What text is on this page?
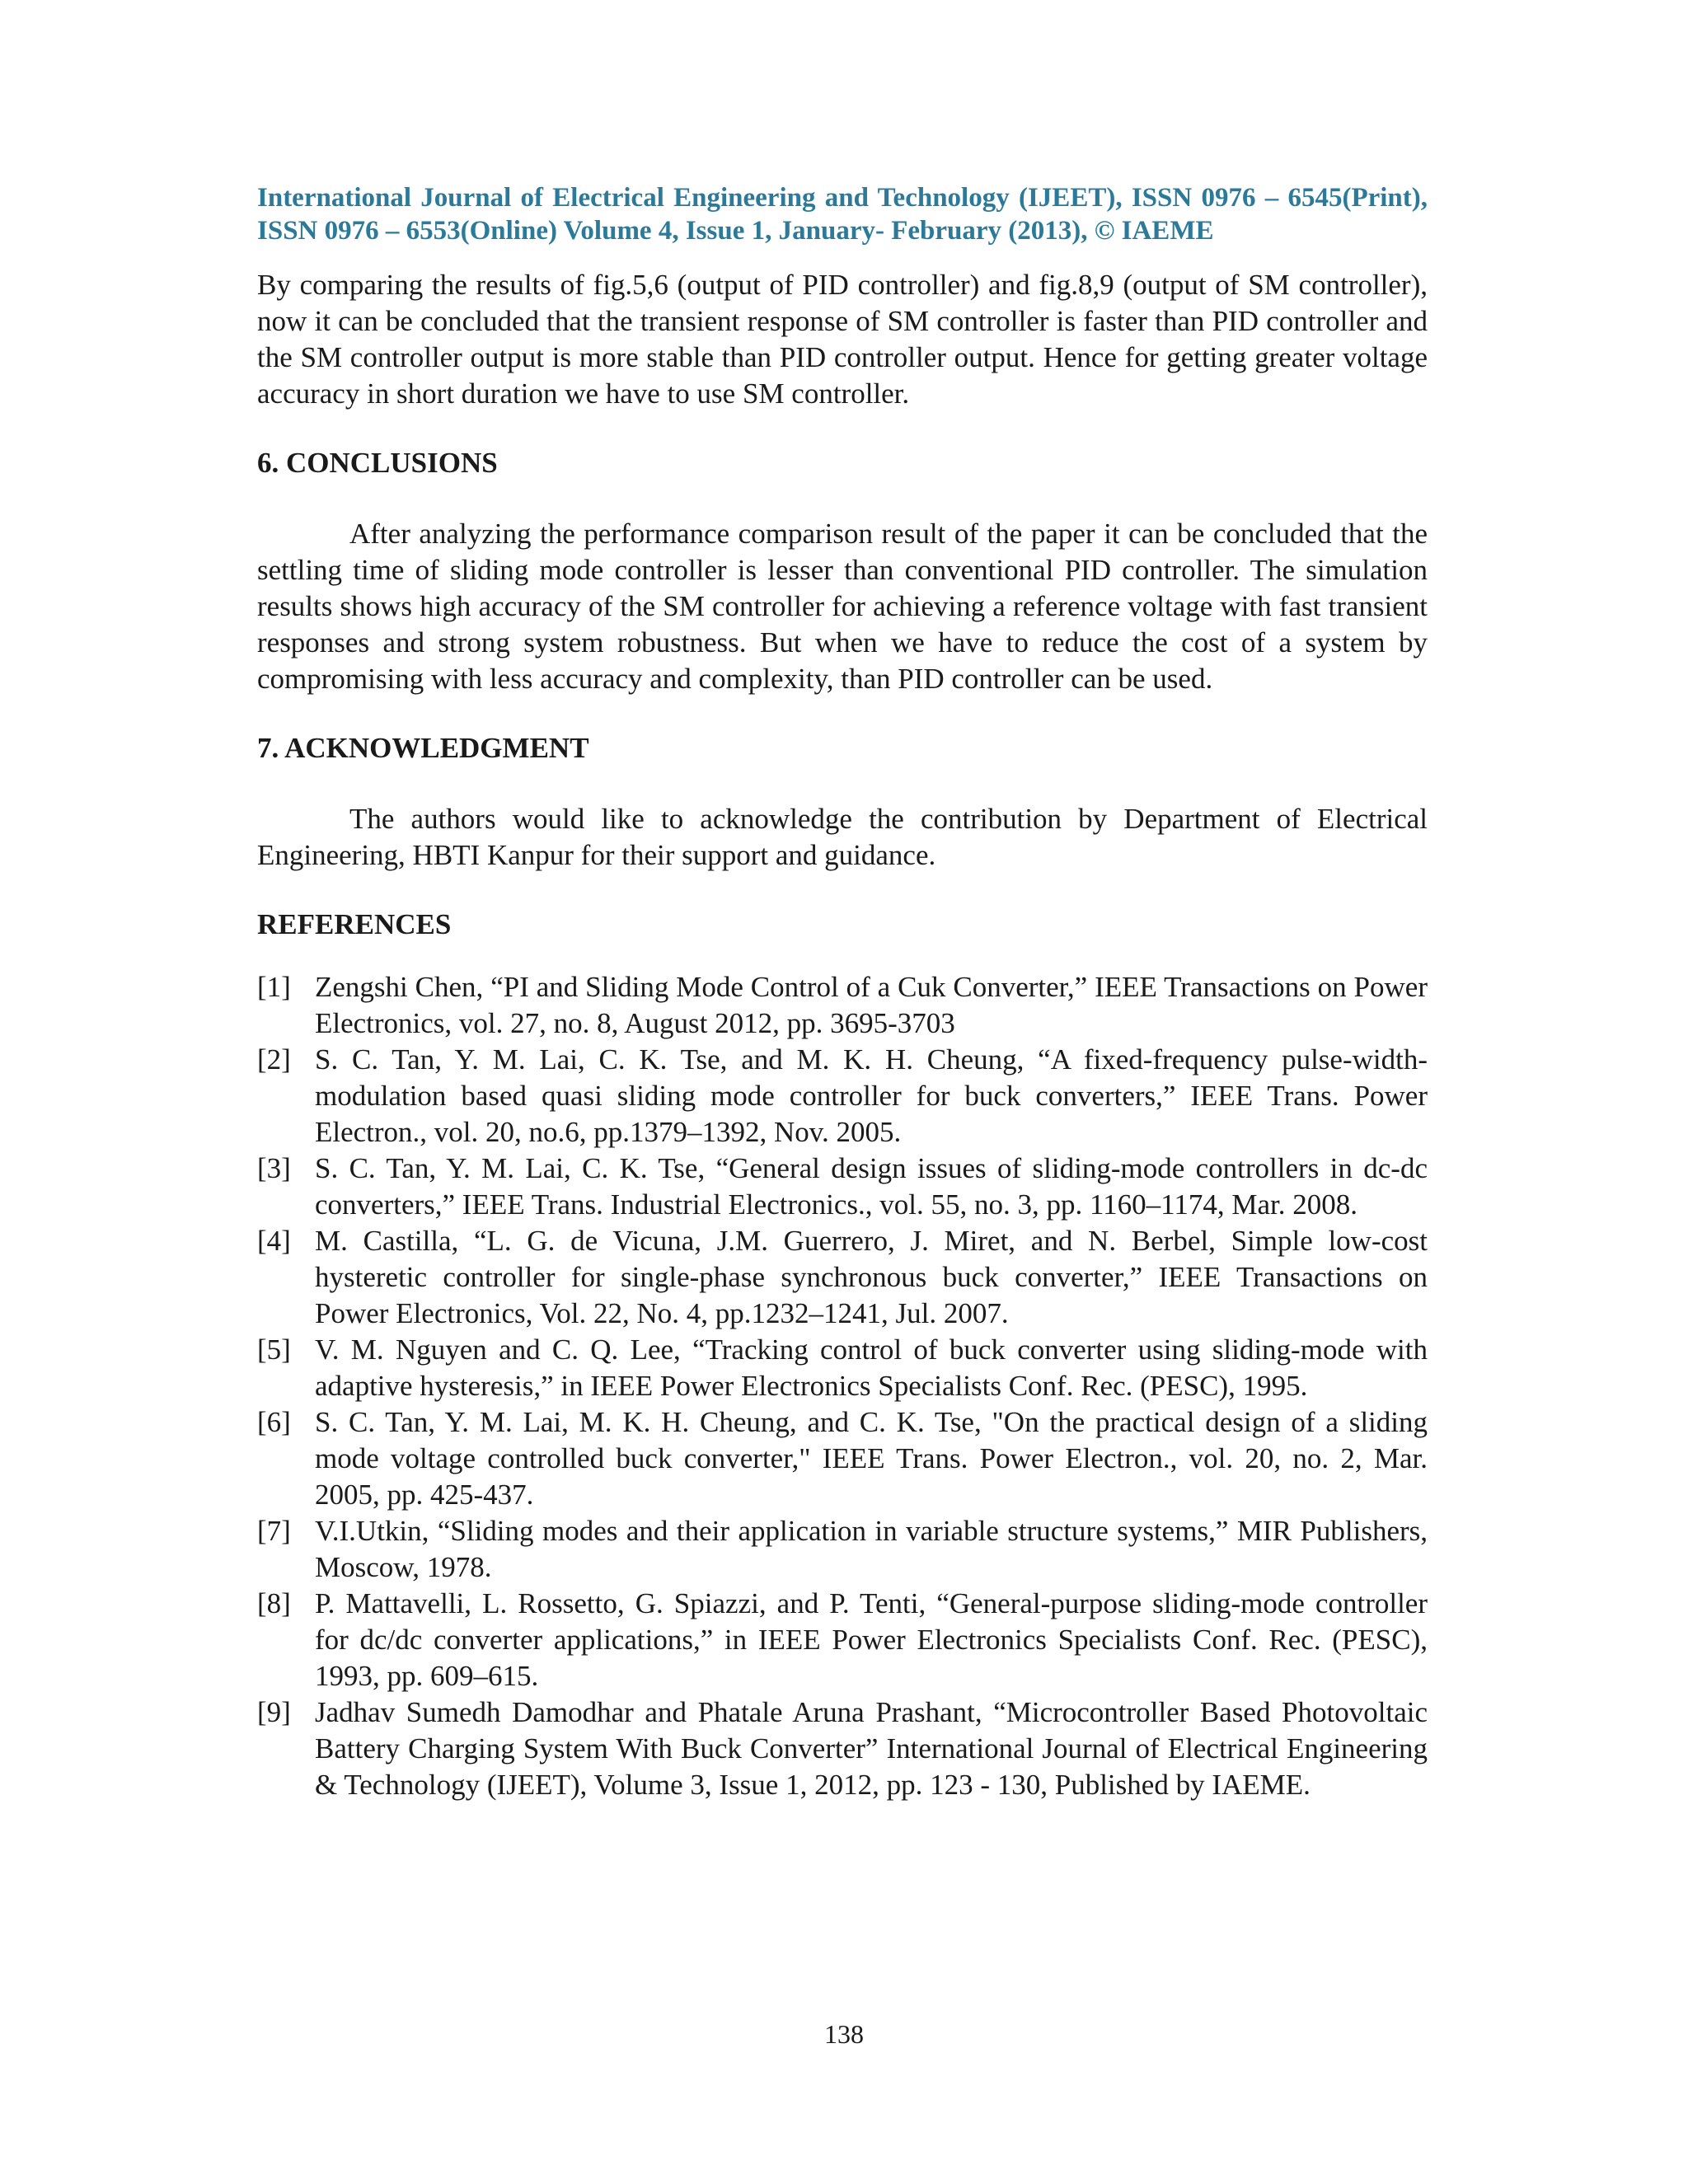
International Journal of Electrical Engineering and Technology (IJEET), ISSN 0976 – 6545(Print), ISSN 0976 – 6553(Online) Volume 4, Issue 1, January- February (2013), © IAEME

By comparing the results of fig.5,6 (output of PID controller) and fig.8,9 (output of SM controller), now it can be concluded that the transient response of SM controller is faster than PID controller and the SM controller output is more stable than PID controller output. Hence for getting greater voltage accuracy in short duration we have to use SM controller.

6. CONCLUSIONS

After analyzing the performance comparison result of the paper it can be concluded that the settling time of sliding mode controller is lesser than conventional PID controller. The simulation results shows high accuracy of the SM controller for achieving a reference voltage with fast transient responses and strong system robustness. But when we have to reduce the cost of a system by compromising with less accuracy and complexity, than PID controller can be used.

7. ACKNOWLEDGMENT

The authors would like to acknowledge the contribution by Department of Electrical Engineering, HBTI Kanpur for their support and guidance.

REFERENCES
[1] Zengshi Chen, “PI and Sliding Mode Control of a Cuk Converter,” IEEE Transactions on Power Electronics, vol. 27, no. 8, August 2012, pp. 3695-3703
[2] S. C. Tan, Y. M. Lai, C. K. Tse, and M. K. H. Cheung, “A fixed-frequency pulse-width-modulation based quasi sliding mode controller for buck converters,” IEEE Trans. Power Electron., vol. 20, no.6, pp.1379–1392, Nov. 2005.
[3] S. C. Tan, Y. M. Lai, C. K. Tse, “General design issues of sliding-mode controllers in dc-dc converters,” IEEE Trans. Industrial Electronics., vol. 55, no. 3, pp. 1160–1174, Mar. 2008.
[4] M. Castilla, “L. G. de Vicuna, J.M. Guerrero, J. Miret, and N. Berbel, Simple low-cost hysteretic controller for single-phase synchronous buck converter,” IEEE Transactions on Power Electronics, Vol. 22, No. 4, pp.1232–1241, Jul. 2007.
[5] V. M. Nguyen and C. Q. Lee, “Tracking control of buck converter using sliding-mode with adaptive hysteresis,” in IEEE Power Electronics Specialists Conf. Rec. (PESC), 1995.
[6] S. C. Tan, Y. M. Lai, M. K. H. Cheung, and C. K. Tse, "On the practical design of a sliding mode voltage controlled buck converter," IEEE Trans. Power Electron., vol. 20, no. 2, Mar. 2005, pp. 425-437.
[7] V.I.Utkin, “Sliding modes and their application in variable structure systems,” MIR Publishers, Moscow, 1978.
[8] P. Mattavelli, L. Rossetto, G. Spiazzi, and P. Tenti, “General-purpose sliding-mode controller for dc/dc converter applications,” in IEEE Power Electronics Specialists Conf. Rec. (PESC), 1993, pp. 609–615.
[9] Jadhav Sumedh Damodhar and Phatale Aruna Prashant, “Microcontroller Based Photovoltaic Battery Charging System With Buck Converter” International Journal of Electrical Engineering & Technology (IJEET), Volume 3, Issue 1, 2012, pp. 123 - 130, Published by IAEME.
138
